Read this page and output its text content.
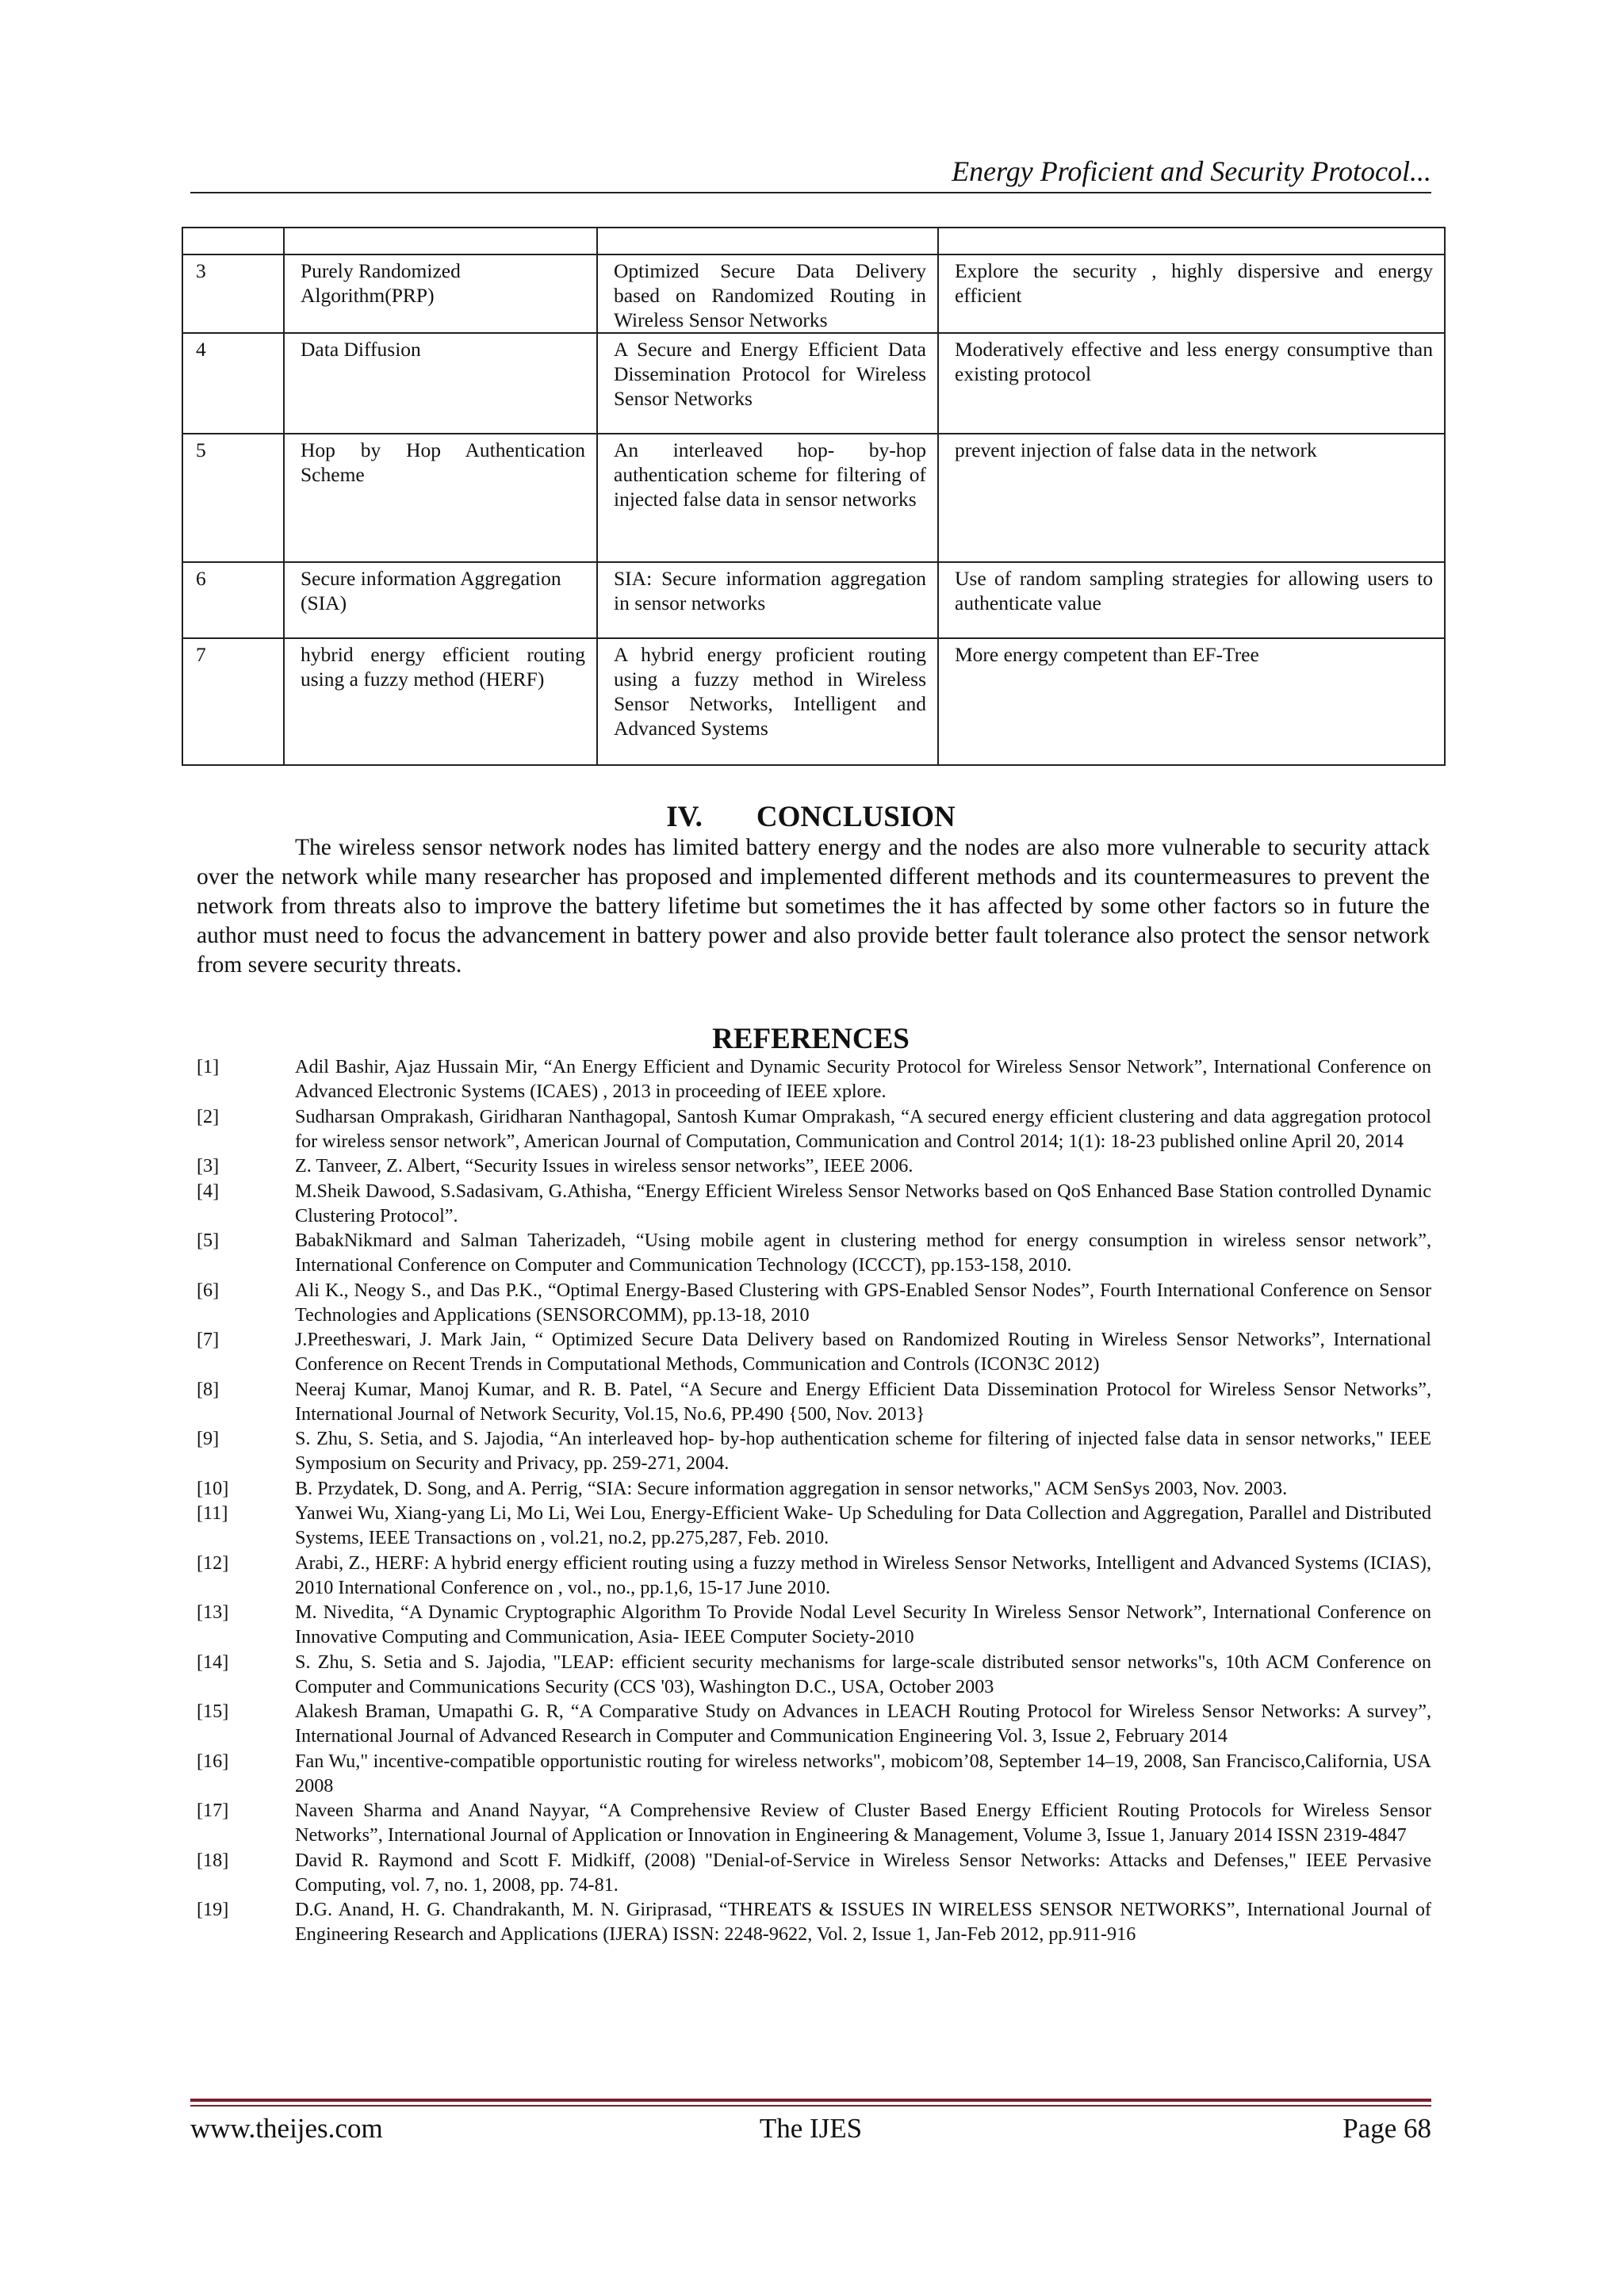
Energy Proficient and Security Protocol...

3	Purely Randomized Algorithm(PRP)	Optimized Secure Data Delivery based on Randomized Routing in Wireless Sensor Networks	Explore the security , highly dispersive and energy efficient
4	Data Diffusion	A Secure and Energy Efficient Data Dissemination Protocol for Wireless Sensor Networks	Moderatively effective and less energy consumptive than existing protocol
5	Hop by Hop Authentication Scheme	An interleaved hop- by-hop authentication scheme for filtering of injected false data in sensor networks	prevent injection of false data in the network
6	Secure information Aggregation (SIA)	SIA: Secure information aggregation in sensor networks	Use of random sampling strategies for allowing users to authenticate value
7	hybrid energy efficient routing using a fuzzy method (HERF)	A hybrid energy proficient routing using a fuzzy method in Wireless Sensor Networks, Intelligent and Advanced Systems	More energy competent than EF-Tree
IV. CONCLUSION

The wireless sensor network nodes has limited battery energy and the nodes are also more vulnerable to security attack over the network while many researcher has proposed and implemented different methods and its countermeasures to prevent the network from threats also to improve the battery lifetime but sometimes the it has affected by some other factors so in future the author must need to focus the advancement in battery power and also provide better fault tolerance also protect the sensor network from severe security threats.

REFERENCES
[1]	Adil Bashir, Ajaz Hussain Mir, “An Energy Efficient and Dynamic Security Protocol for Wireless Sensor Network”, International Conference on Advanced Electronic Systems (ICAES) , 2013 in proceeding of IEEE xplore.
[2]	Sudharsan Omprakash, Giridharan Nanthagopal, Santosh Kumar Omprakash, “A secured energy efficient clustering and data aggregation protocol for wireless sensor network”, American Journal of Computation, Communication and Control 2014; 1(1): 18-23 published online April 20, 2014
[3]	Z. Tanveer, Z. Albert, “Security Issues in wireless sensor networks”, IEEE 2006.
[4]	M.Sheik Dawood, S.Sadasivam, G.Athisha, “Energy Efficient Wireless Sensor Networks based on QoS Enhanced Base Station controlled Dynamic Clustering Protocol”.
[5]	BabakNikmard and Salman Taherizadeh, “Using mobile agent in clustering method for energy consumption in wireless sensor network”, International Conference on Computer and Communication Technology (ICCCT), pp.153-158, 2010.
[6]	Ali K., Neogy S., and Das P.K., “Optimal Energy-Based Clustering with GPS-Enabled Sensor Nodes”, Fourth International Conference on Sensor Technologies and Applications (SENSORCOMM), pp.13-18, 2010
[7]	J.Preetheswari, J. Mark Jain, “ Optimized Secure Data Delivery based on Randomized Routing in Wireless Sensor Networks”, International Conference on Recent Trends in Computational Methods, Communication and Controls (ICON3C 2012)
[8]	Neeraj Kumar, Manoj Kumar, and R. B. Patel, “A Secure and Energy Efficient Data Dissemination Protocol for Wireless Sensor Networks”, International Journal of Network Security, Vol.15, No.6, PP.490 {500, Nov. 2013}
[9]	S. Zhu, S. Setia, and S. Jajodia, “An interleaved hop- by-hop authentication scheme for filtering of injected false data in sensor networks," IEEE Symposium on Security and Privacy, pp. 259-271, 2004.
[10]	B. Przydatek, D. Song, and A. Perrig, “SIA: Secure information aggregation in sensor networks," ACM SenSys 2003, Nov. 2003.
[11]	Yanwei Wu, Xiang-yang Li, Mo Li, Wei Lou, Energy-Efficient Wake- Up Scheduling for Data Collection and Aggregation, Parallel and Distributed Systems, IEEE Transactions on , vol.21, no.2, pp.275,287, Feb. 2010.
[12]	Arabi, Z., HERF: A hybrid energy efficient routing using a fuzzy method in Wireless Sensor Networks, Intelligent and Advanced Systems (ICIAS), 2010 International Conference on , vol., no., pp.1,6, 15-17 June 2010.
[13]	M. Nivedita, “A Dynamic Cryptographic Algorithm To Provide Nodal Level Security In Wireless Sensor Network”, International Conference on Innovative Computing and Communication, Asia- IEEE Computer Society-2010
[14]	S. Zhu, S. Setia and S. Jajodia, "LEAP: efficient security mechanisms for large-scale distributed sensor networks"s, 10th ACM Conference on Computer and Communications Security (CCS '03), Washington D.C., USA, October 2003
[15]	Alakesh Braman, Umapathi G. R, “A Comparative Study on Advances in LEACH Routing Protocol for Wireless Sensor Networks: A survey”, International Journal of Advanced Research in Computer and Communication Engineering Vol. 3, Issue 2, February 2014
[16]	Fan Wu," incentive-compatible opportunistic routing for wireless networks", mobicom’08, September 14–19, 2008, San Francisco,California, USA 2008
[17]	Naveen Sharma and Anand Nayyar, “A Comprehensive Review of Cluster Based Energy Efficient Routing Protocols for Wireless Sensor Networks”, International Journal of Application or Innovation in Engineering & Management, Volume 3, Issue 1, January 2014 ISSN 2319-4847
[18]	David R. Raymond and Scott F. Midkiff, (2008) "Denial-of-Service in Wireless Sensor Networks: Attacks and Defenses," IEEE Pervasive Computing, vol. 7, no. 1, 2008, pp. 74-81.
[19]	D.G. Anand, H. G. Chandrakanth, M. N. Giriprasad, “THREATS & ISSUES IN WIRELESS SENSOR NETWORKS”, International Journal of Engineering Research and Applications (IJERA) ISSN: 2248-9622, Vol. 2, Issue 1, Jan-Feb 2012, pp.911-916
www.theijes.com	The IJES	Page 68
